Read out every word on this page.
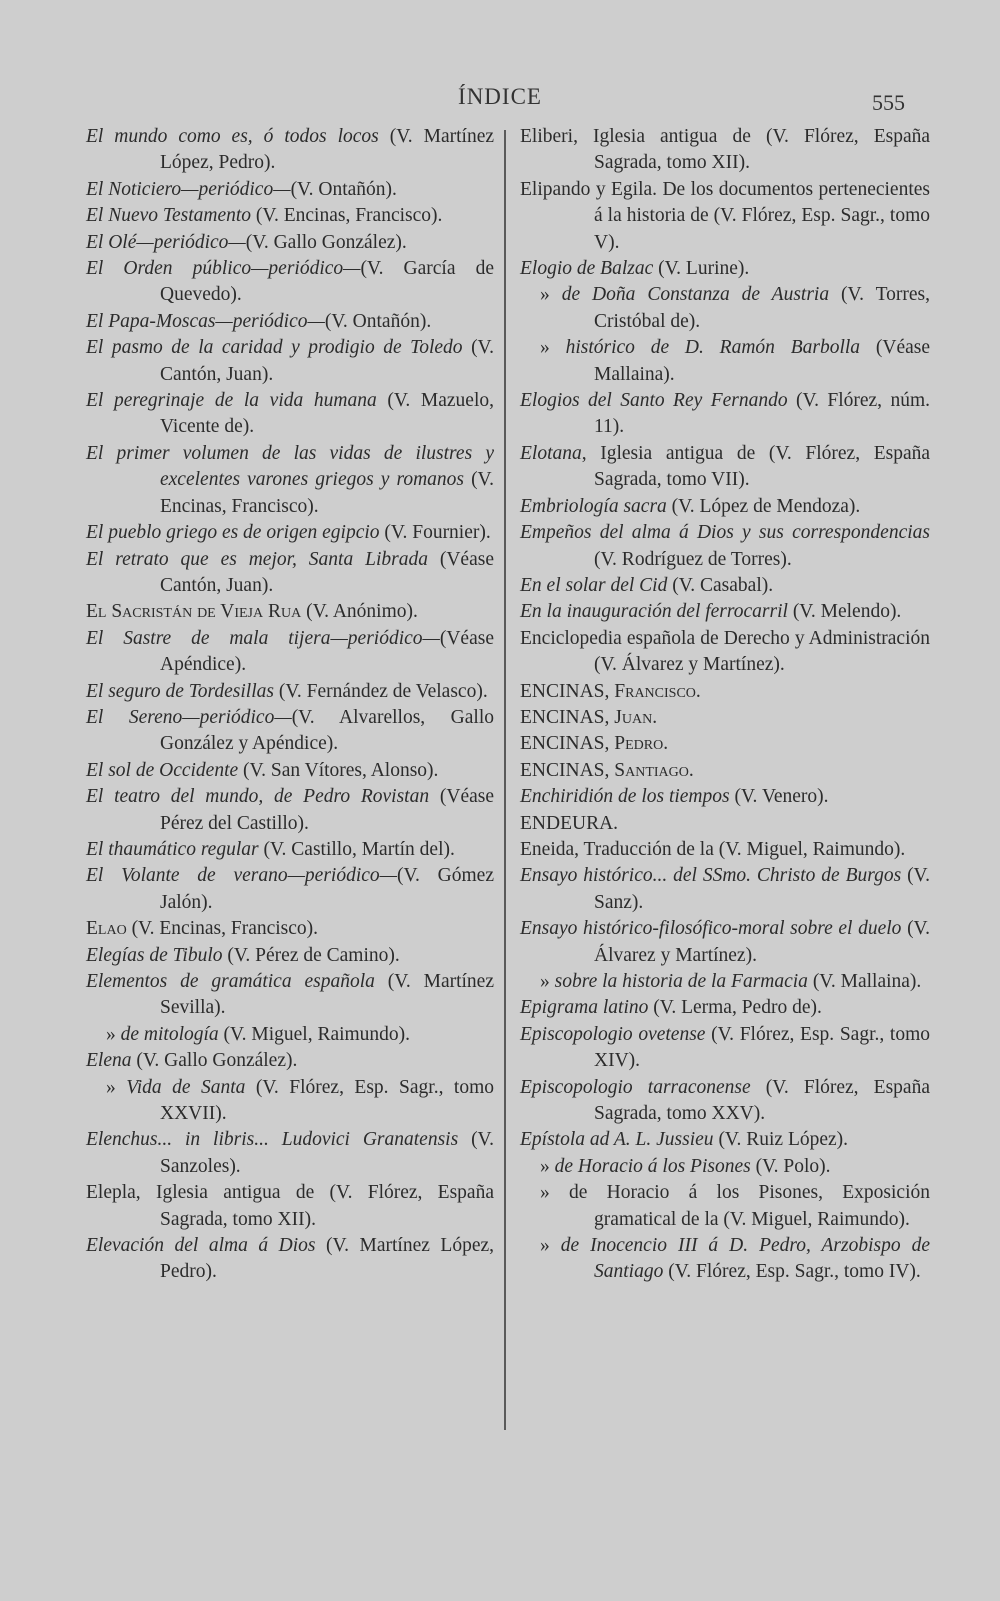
ÍNDICE	555
El mundo como es, ó todos locos (V. Martínez López, Pedro).
El Noticiero—periódico—(V. Ontañón).
El Nuevo Testamento (V. Encinas, Francisco).
El Olé—periódico—(V. Gallo González).
El Orden público—periódico—(V. García de Quevedo).
El Papa-Moscas—periódico—(V. Ontañón).
El pasmo de la caridad y prodigio de Toledo (V. Cantón, Juan).
El peregrinaje de la vida humana (V. Mazuelo, Vicente de).
El primer volumen de las vidas de ilustres y excelentes varones griegos y romanos (V. Encinas, Francisco).
El pueblo griego es de origen egipcio (V. Fournier).
El retrato que es mejor, Santa Librada (Véase Cantón, Juan).
El Sacristán de Vieja Rua (V. Anónimo).
El Sastre de mala tijera—periódico—(Véase Apéndice).
El seguro de Tordesillas (V. Fernández de Velasco).
El Sereno—periódico—(V. Alvarellos, Gallo González y Apéndice).
El sol de Occidente (V. San Vítores, Alonso).
El teatro del mundo, de Pedro Rovistan (Véase Pérez del Castillo).
El thaumático regular (V. Castillo, Martín del).
El Volante de verano—periódico—(V. Gómez Jalón).
Elao (V. Encinas, Francisco).
Elegías de Tibulo (V. Pérez de Camino).
Elementos de gramática española (V. Martínez Sevilla).
» de mitología (V. Miguel, Raimundo).
Elena (V. Gallo González).
» Vida de Santa (V. Flórez, Esp. Sagr., tomo XXVII).
Elenchus... in libris... Ludovici Granatensis (V. Sanzoles).
Elepla, Iglesia antigua de (V. Flórez, España Sagrada, tomo XII).
Elevación del alma á Dios (V. Martínez López, Pedro).
Eliberi, Iglesia antigua de (V. Flórez, España Sagrada, tomo XII).
Elipando y Egila. De los documentos pertenecientes á la historia de (V. Flórez, Esp. Sagr., tomo V).
Elogio de Balzac (V. Lurine).
» de Doña Constanza de Austria (V. Torres, Cristóbal de).
» histórico de D. Ramón Barbolla (Véase Mallaina).
Elogios del Santo Rey Fernando (V. Flórez, núm. 11).
Elotana, Iglesia antigua de (V. Flórez, España Sagrada, tomo VII).
Embriología sacra (V. López de Mendoza).
Empeños del alma á Dios y sus correspondencias (V. Rodríguez de Torres).
En el solar del Cid (V. Casabal).
En la inauguración del ferrocarril (V. Melendo).
Enciclopedia española de Derecho y Administración (V. Álvarez y Martínez).
ENCINAS, Francisco.
ENCINAS, Juan.
ENCINAS, Pedro.
ENCINAS, Santiago.
Enchiridión de los tiempos (V. Venero).
ENDEURA.
Eneida, Traducción de la (V. Miguel, Raimundo).
Ensayo histórico... del SSmo. Christo de Burgos (V. Sanz).
Ensayo histórico-filosófico-moral sobre el duelo (V. Álvarez y Martínez).
» sobre la historia de la Farmacia (V. Mallaina).
Epigrama latino (V. Lerma, Pedro de).
Episcopologio ovetense (V. Flórez, Esp. Sagr., tomo XIV).
Episcopologio tarraconense (V. Flórez, España Sagrada, tomo XXV).
Epístola ad A. L. Jussieu (V. Ruiz López).
» de Horacio á los Pisones (V. Polo).
» de Horacio á los Pisones, Exposición gramatical de la (V. Miguel, Raimundo).
» de Inocencio III á D. Pedro, Arzobispo de Santiago (V. Flórez, Esp. Sagr., tomo IV).
